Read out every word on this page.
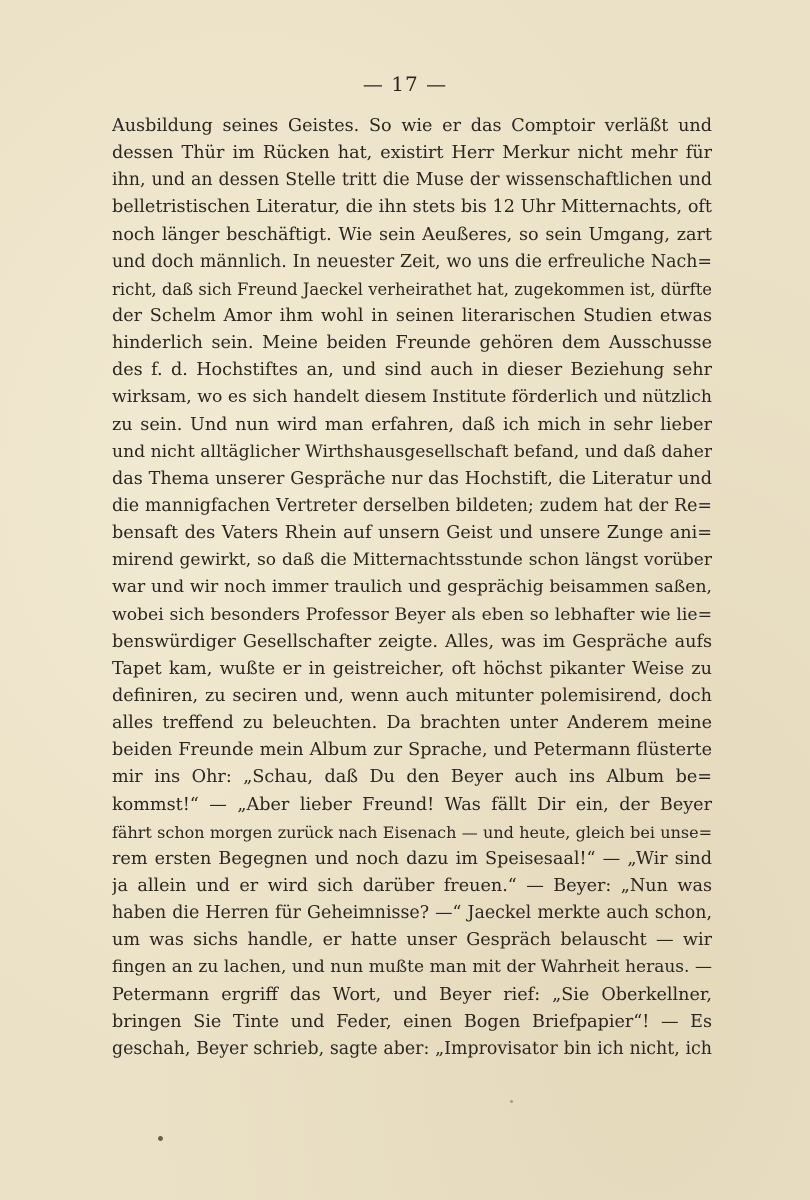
— 17 —
Ausbildung seines Geistes. So wie er das Comptoir verläßt und
dessen Thür im Rücken hat, existirt Herr Merkur nicht mehr für
ihn, und an dessen Stelle tritt die Muse der wissenschaftlichen und
belletristischen Literatur, die ihn stets bis 12 Uhr Mitternachts, oft
noch länger beschäftigt. Wie sein Aeußeres, so sein Umgang, zart
und doch männlich. In neuester Zeit, wo uns die erfreuliche Nach=
richt, daß sich Freund Jaeckel verheirathet hat, zugekommen ist, dürfte
der Schelm Amor ihm wohl in seinen literarischen Studien etwas
hinderlich sein. Meine beiden Freunde gehören dem Ausschusse
des f. d. Hochstiftes an, und sind auch in dieser Beziehung sehr
wirksam, wo es sich handelt diesem Institute förderlich und nützlich
zu sein. Und nun wird man erfahren, daß ich mich in sehr lieber
und nicht alltäglicher Wirthshausgesellschaft befand, und daß daher
das Thema unserer Gespräche nur das Hochstift, die Literatur und
die mannigfachen Vertreter derselben bildeten; zudem hat der Re=
bensaft des Vaters Rhein auf unsern Geist und unsere Zunge ani=
mirend gewirkt, so daß die Mitternachtsstunde schon längst vorüber
war und wir noch immer traulich und gesprächig beisammen saßen,
wobei sich besonders Professor Beyer als eben so lebhafter wie lie=
benswürdiger Gesellschafter zeigte. Alles, was im Gespräche aufs
Tapet kam, wußte er in geistreicher, oft höchst pikanter Weise zu
definiren, zu seciren und, wenn auch mitunter polemisirend, doch
alles treffend zu beleuchten. Da brachten unter Anderem meine
beiden Freunde mein Album zur Sprache, und Petermann flüsterte
mir ins Ohr: „Schau, daß Du den Beyer auch ins Album be=
kommst!“ — „Aber lieber Freund! Was fällt Dir ein, der Beyer
fährt schon morgen zurück nach Eisenach — und heute, gleich bei unse=
rem ersten Begegnen und noch dazu im Speisesaal!“ — „Wir sind
ja allein und er wird sich darüber freuen.“ — Beyer: „Nun was
haben die Herren für Geheimnisse? —“ Jaeckel merkte auch schon,
um was sichs handle, er hatte unser Gespräch belauscht — wir
fingen an zu lachen, und nun mußte man mit der Wahrheit heraus. —
Petermann ergriff das Wort, und Beyer rief: „Sie Oberkellner,
bringen Sie Tinte und Feder, einen Bogen Briefpapier“! — Es
geschah, Beyer schrieb, sagte aber: „Improvisator bin ich nicht, ich
